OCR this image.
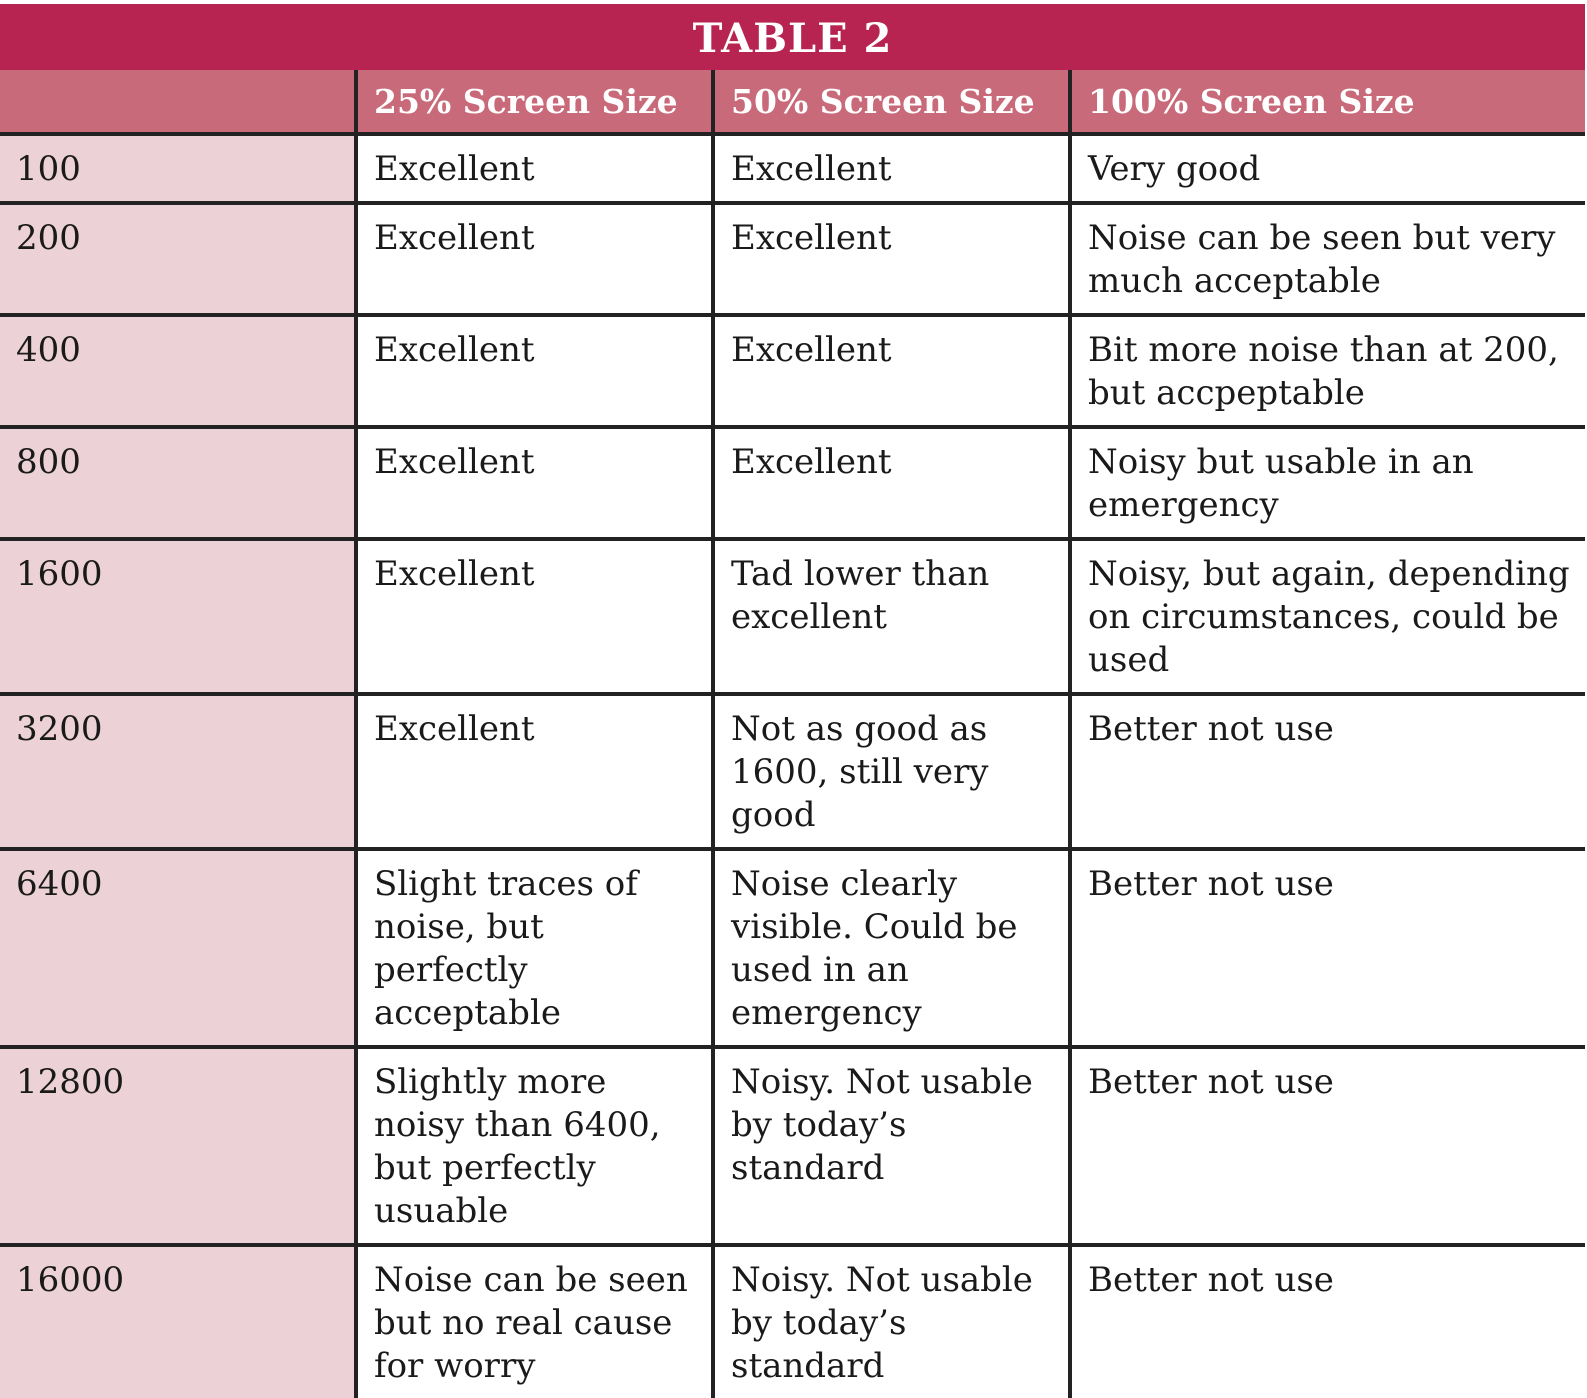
TABLE 2
	25% Screen Size	50% Screen Size	100% Screen Size
100	Excellent	Excellent	Very good
200	Excellent	Excellent	Noise can be seen but very much acceptable
400	Excellent	Excellent	Bit more noise than at 200, but accpeptable
800	Excellent	Excellent	Noisy but usable in an emergency
1600	Excellent	Tad lower than excellent	Noisy, but again, depending on circumstances, could be used
3200	Excellent	Not as good as 1600, still very good	Better not use
6400	Slight traces of noise, but perfectly acceptable	Noise clearly visible. Could be used in an emergency	Better not use
12800	Slightly more noisy than 6400, but perfectly usuable	Noisy. Not usable by today’s standard	Better not use
16000	Noise can be seen but no real cause for worry	Noisy. Not usable by today’s standard	Better not use
